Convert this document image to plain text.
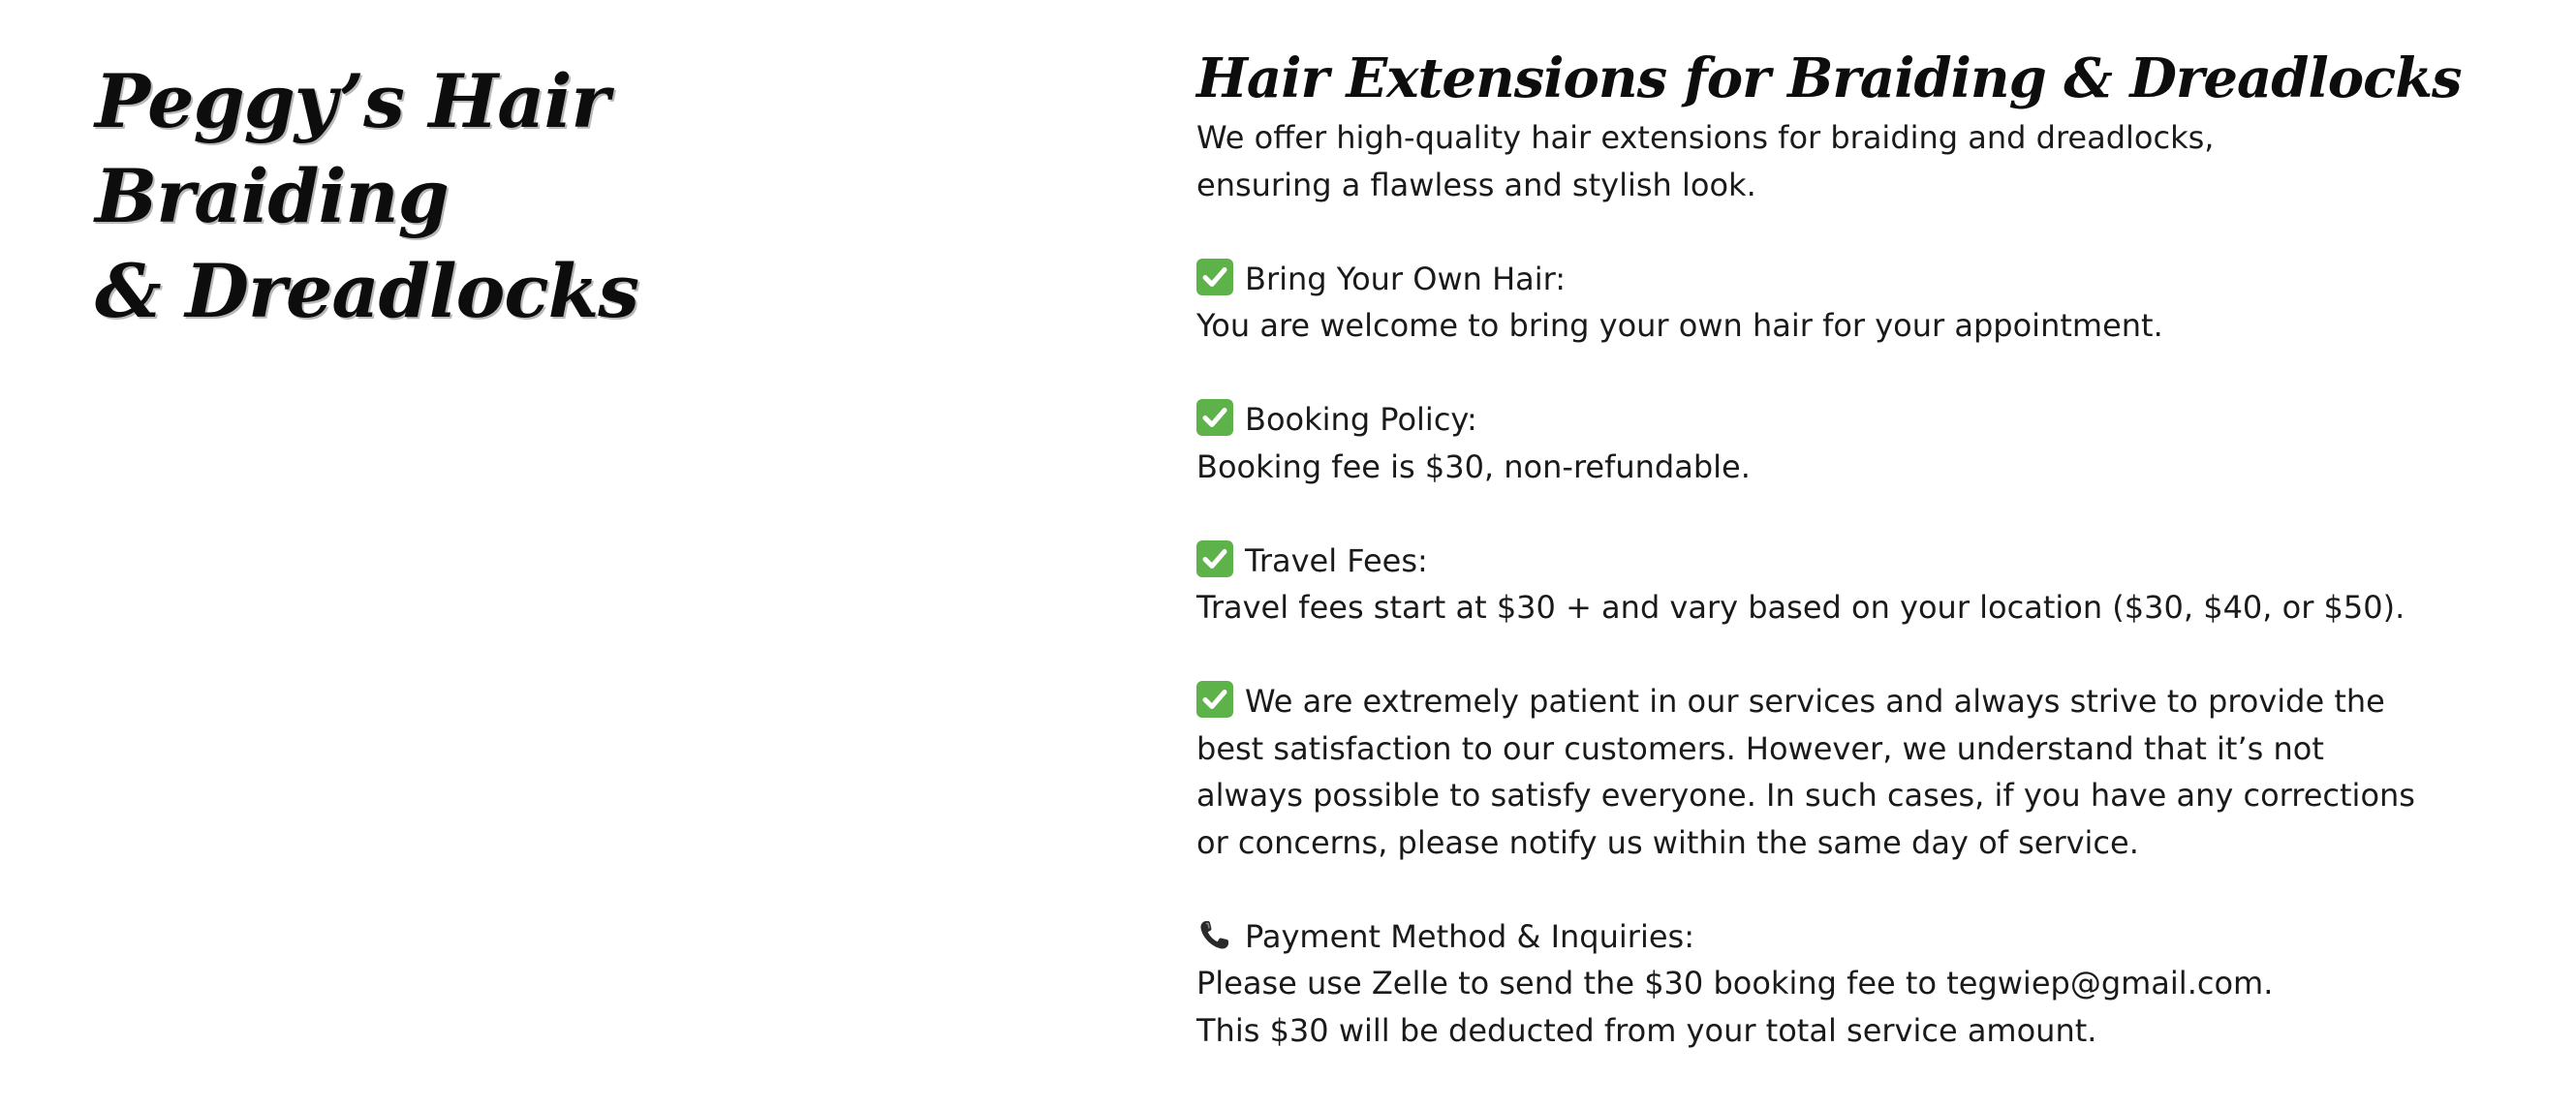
Peggy’s Hair Braiding
& Dreadlocks
Hair Extensions for Braiding & Dreadlocks

We offer high-quality hair extensions for braiding and dreadlocks,
ensuring a flawless and stylish look.

Bring Your Own Hair:
You are welcome to bring your own hair for your appointment.

Booking Policy:
Booking fee is $30, non-refundable.

Travel Fees:
Travel fees start at $30 + and vary based on your location ($30, $40, or $50).

We are extremely patient in our services and always strive to provide the
best satisfaction to our customers. However, we understand that it’s not
always possible to satisfy everyone. In such cases, if you have any corrections
or concerns, please notify us within the same day of service.

Payment Method & Inquiries:
Please use Zelle to send the $30 booking fee to tegwiep@gmail.com.
This $30 will be deducted from your total service amount.
